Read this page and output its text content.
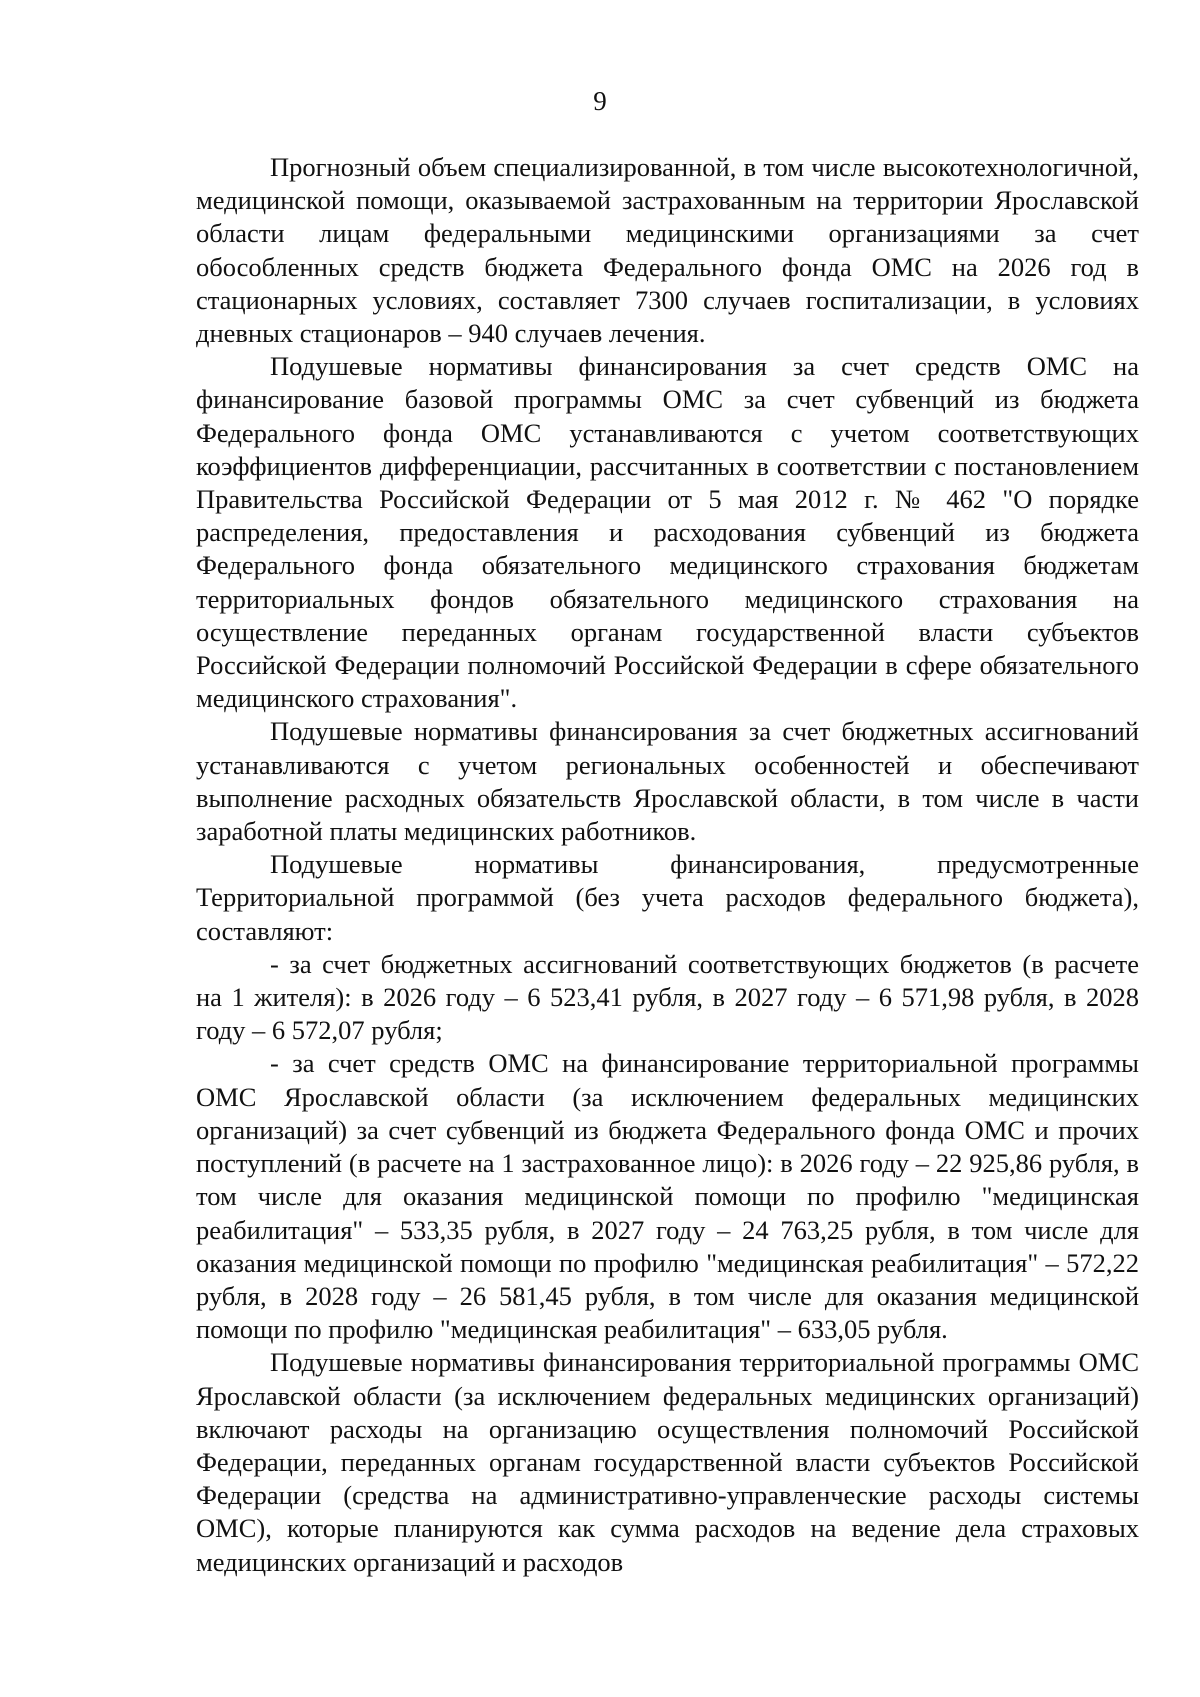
9

Прогнозный объем специализированной, в том числе высокотехнологичной, медицинской помощи, оказываемой застрахованным на территории Ярославской области лицам федеральными медицинскими организациями за счет обособленных средств бюджета Федерального фонда ОМС на 2026 год в стационарных условиях, составляет 7300 случаев госпитализации, в условиях дневных стационаров – 940 случаев лечения.

Подушевые нормативы финансирования за счет средств ОМС на финансирование базовой программы ОМС за счет субвенций из бюджета Федерального фонда ОМС устанавливаются с учетом соответствующих коэффициентов дифференциации, рассчитанных в соответствии с постановлением Правительства Российской Федерации от 5 мая 2012 г. № 462 "О порядке распределения, предоставления и расходования субвенций из бюджета Федерального фонда обязательного медицинского страхования бюджетам территориальных фондов обязательного медицинского страхования на осуществление переданных органам государственной власти субъектов Российской Федерации полномочий Российской Федерации в сфере обязательного медицинского страхования".

Подушевые нормативы финансирования за счет бюджетных ассигнований устанавливаются с учетом региональных особенностей и обеспечивают выполнение расходных обязательств Ярославской области, в том числе в части заработной платы медицинских работников.

Подушевые нормативы финансирования, предусмотренные Территориальной программой (без учета расходов федерального бюджета), составляют:

- за счет бюджетных ассигнований соответствующих бюджетов (в расчете на 1 жителя): в 2026 году – 6 523,41 рубля, в 2027 году – 6 571,98 рубля, в 2028 году – 6 572,07 рубля;

- за счет средств ОМС на финансирование территориальной программы ОМС Ярославской области (за исключением федеральных медицинских организаций) за счет субвенций из бюджета Федерального фонда ОМС и прочих поступлений (в расчете на 1 застрахованное лицо): в 2026 году – 22 925,86 рубля, в том числе для оказания медицинской помощи по профилю "медицинская реабилитация" – 533,35 рубля, в 2027 году – 24 763,25 рубля, в том числе для оказания медицинской помощи по профилю "медицинская реабилитация" – 572,22 рубля, в 2028 году – 26 581,45 рубля, в том числе для оказания медицинской помощи по профилю "медицинская реабилитация" – 633,05 рубля.

Подушевые нормативы финансирования территориальной программы ОМС Ярославской области (за исключением федеральных медицинских организаций) включают расходы на организацию осуществления полномочий Российской Федерации, переданных органам государственной власти субъектов Российской Федерации (средства на административно-управленческие расходы системы ОМС), которые планируются как сумма расходов на ведение дела страховых медицинских организаций и расходов
